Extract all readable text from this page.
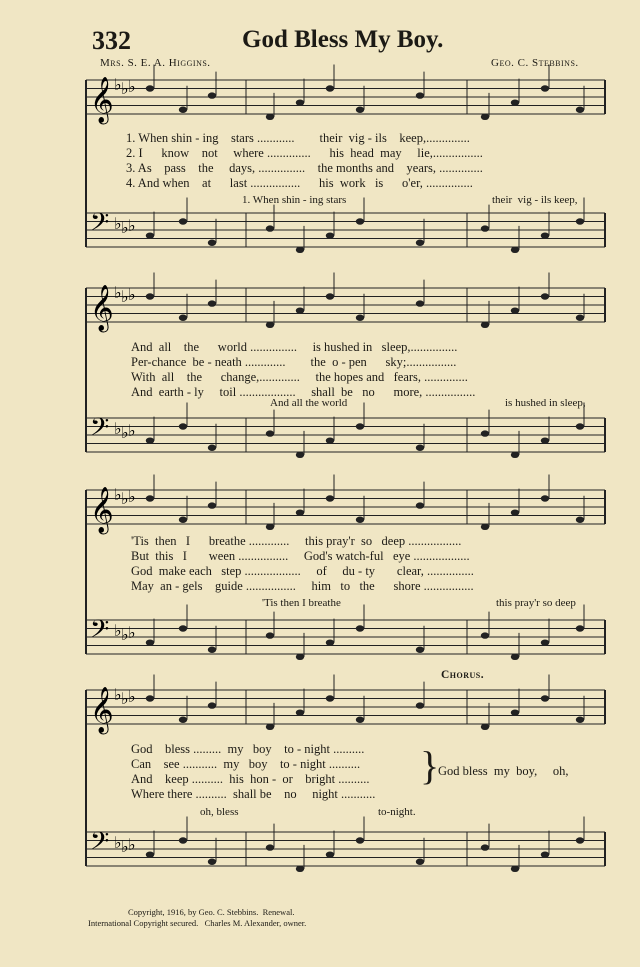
332	God Bless My Boy.
Mrs. S. E. A. Higgins.	Geo. C. Stebbins.
𝄞 ♭ ♭ ♭
𝄢 ♭ ♭ ♭
𝄞 ♭ ♭ ♭
𝄢 ♭ ♭ ♭
𝄞 ♭ ♭ ♭
𝄢 ♭ ♭ ♭
𝄞 ♭ ♭ ♭
𝄢 ♭ ♭ ♭
1. When shin - ing    stars ............        their  vig - ils    keep,..............
2. I      know    not     where ..............      his  head  may     lie,................
3. As    pass    the     days, ...............    the months and    years, ..............
4. And when    at      last ................      his  work   is      o'er, ...............
1. When shin - ing stars	their  vig - ils keep,
And  all    the      world ...............     is hushed in   sleep,...............
Per-chance  be - neath .............        the  o - pen      sky;................
With  all    the      change,.............     the hopes and   fears, ..............
And  earth - ly     toil ..................     shall  be   no      more, ................
And all the world	is hushed in sleep,
'Tis  then   I      breathe .............     this pray'r  so   deep .................
But  this   I       ween ................     God's watch-ful   eye ..................
God  make each   step ..................     of     du - ty       clear, ...............
May  an - gels    guide ................     him   to   the      shore ................
'Tis then I breathe	this pray'r so deep
Chorus.
God    bless .........  my   boy    to - night ..........
Can    see ...........  my   boy    to - night ..........
And    keep ..........  his  hon -  or    bright ..........
Where there ..........  shall be    no     night ...........
}
God bless  my  boy,     oh,
oh, bless	to-night.
Copyright, 1916, by Geo. C. Stebbins.  Renewal.
International Copyright secured.   Charles M. Alexander, owner.
